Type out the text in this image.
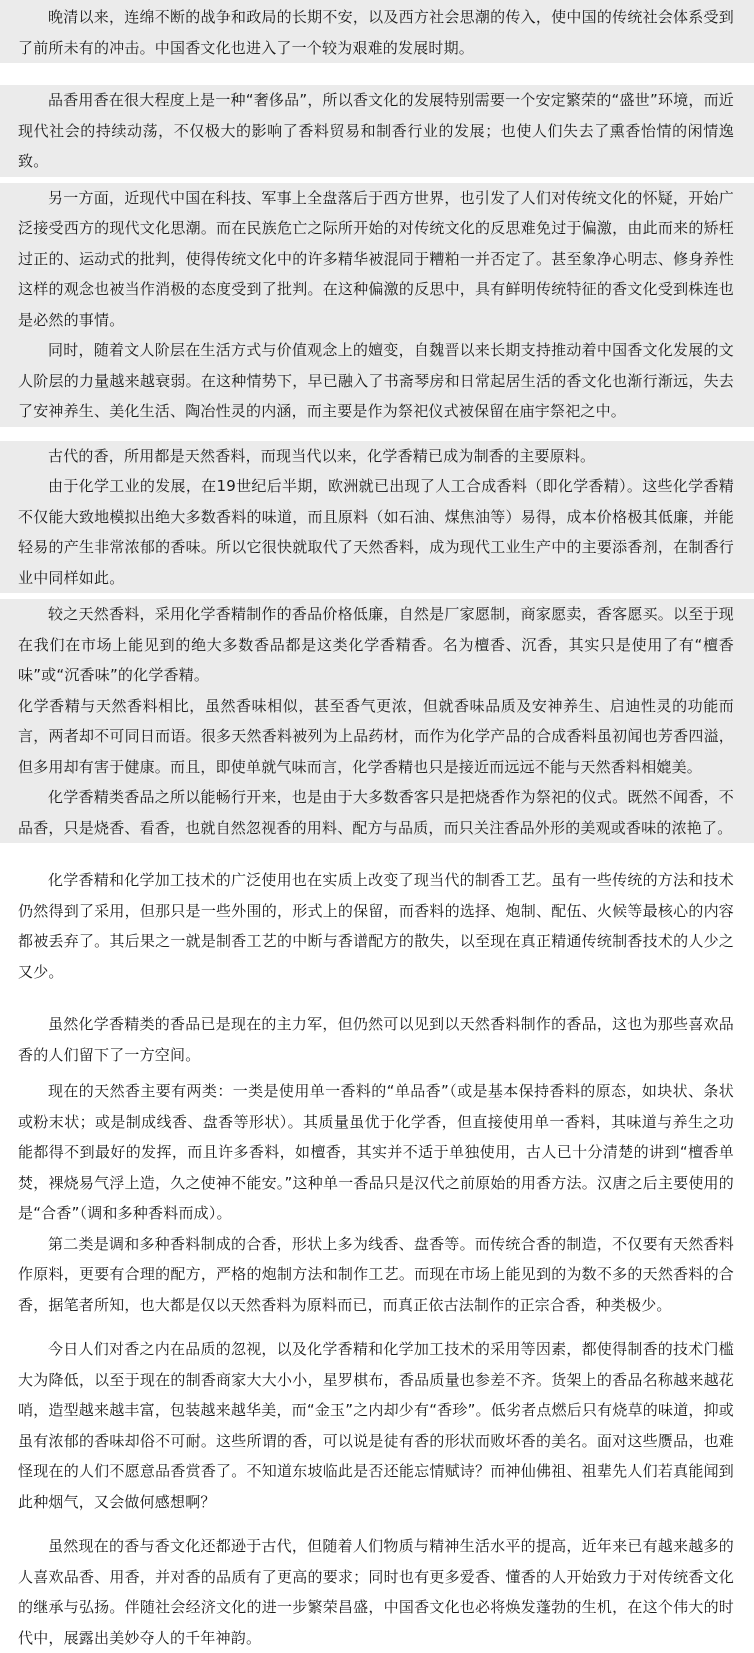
晚清以来，连绵不断的战争和政局的长期不安，以及西方社会思潮的传入，使中国的传统社会体系受到了前所未有的冲击。中国香文化也进入了一个较为艰难的发展时期。

品香用香在很大程度上是一种“奢侈品”，所以香文化的发展特别需要一个安定繁荣的“盛世”环境，而近现代社会的持续动荡，不仅极大的影响了香料贸易和制香行业的发展；也使人们失去了熏香怡情的闲情逸致。

另一方面，近现代中国在科技、军事上全盘落后于西方世界，也引发了人们对传统文化的怀疑，开始广泛接受西方的现代文化思潮。而在民族危亡之际所开始的对传统文化的反思难免过于偏激，由此而来的矫枉过正的、运动式的批判，使得传统文化中的许多精华被混同于糟粕一并否定了。甚至象净心明志、修身养性这样的观念也被当作消极的态度受到了批判。在这种偏激的反思中，具有鲜明传统特征的香文化受到株连也是必然的事情。

同时，随着文人阶层在生活方式与价值观念上的嬗变，自魏晋以来长期支持推动着中国香文化发展的文人阶层的力量越来越衰弱。在这种情势下，早已融入了书斋琴房和日常起居生活的香文化也渐行渐远，失去了安神养生、美化生活、陶冶性灵的内涵，而主要是作为祭祀仪式被保留在庙宇祭祀之中。

古代的香，所用都是天然香料，而现当代以来，化学香精已成为制香的主要原料。

由于化学工业的发展，在19世纪后半期，欧洲就已出现了人工合成香料（即化学香精）。这些化学香精不仅能大致地模拟出绝大多数香料的味道，而且原料（如石油、煤焦油等）易得，成本价格极其低廉，并能轻易的产生非常浓郁的香味。所以它很快就取代了天然香料，成为现代工业生产中的主要添香剂，在制香行业中同样如此。

较之天然香料，采用化学香精制作的香品价格低廉，自然是厂家愿制，商家愿卖，香客愿买。以至于现在我们在市场上能见到的绝大多数香品都是这类化学香精香。名为檀香、沉香，其实只是使用了有“檀香味”或“沉香味”的化学香精。

化学香精与天然香料相比，虽然香味相似，甚至香气更浓，但就香味品质及安神养生、启迪性灵的功能而言，两者却不可同日而语。很多天然香料被列为上品药材，而作为化学产品的合成香料虽初闻也芳香四溢，但多用却有害于健康。而且，即使单就气味而言，化学香精也只是接近而远远不能与天然香料相媲美。

化学香精类香品之所以能畅行开来，也是由于大多数香客只是把烧香作为祭祀的仪式。既然不闻香，不品香，只是烧香、看香，也就自然忽视香的用料、配方与品质，而只关注香品外形的美观或香味的浓艳了。

化学香精和化学加工技术的广泛使用也在实质上改变了现当代的制香工艺。虽有一些传统的方法和技术仍然得到了采用，但那只是一些外围的，形式上的保留，而香料的选择、炮制、配伍、火候等最核心的内容都被丢弃了。其后果之一就是制香工艺的中断与香谱配方的散失，以至现在真正精通传统制香技术的人少之又少。

虽然化学香精类的香品已是现在的主力军，但仍然可以见到以天然香料制作的香品，这也为那些喜欢品香的人们留下了一方空间。

现在的天然香主要有两类：一类是使用单一香料的“单品香”（或是基本保持香料的原态，如块状、条状或粉末状；或是制成线香、盘香等形状）。其质量虽优于化学香，但直接使用单一香料，其味道与养生之功能都得不到最好的发挥，而且许多香料，如檀香，其实并不适于单独使用，古人已十分清楚的讲到“檀香单焚，裸烧易气浮上造，久之使神不能安。”这种单一香品只是汉代之前原始的用香方法。汉唐之后主要使用的是“合香”（调和多种香料而成）。

第二类是调和多种香料制成的合香，形状上多为线香、盘香等。而传统合香的制造，不仅要有天然香料作原料，更要有合理的配方，严格的炮制方法和制作工艺。而现在市场上能见到的为数不多的天然香料的合香，据笔者所知，也大都是仅以天然香料为原料而已，而真正依古法制作的正宗合香，种类极少。

今日人们对香之内在品质的忽视，以及化学香精和化学加工技术的采用等因素，都使得制香的技术门槛大为降低，以至于现在的制香商家大大小小，星罗棋布，香品质量也参差不齐。货架上的香品名称越来越花哨，造型越来越丰富，包装越来越华美，而“金玉”之内却少有“香珍”。低劣者点燃后只有烧草的味道，抑或虽有浓郁的香味却俗不可耐。这些所谓的香，可以说是徒有香的形状而败坏香的美名。面对这些赝品，也难怪现在的人们不愿意品香赏香了。不知道东坡临此是否还能忘情赋诗？而神仙佛祖、祖辈先人们若真能闻到此种烟气，又会做何感想啊？

虽然现在的香与香文化还都逊于古代，但随着人们物质与精神生活水平的提高，近年来已有越来越多的人喜欢品香、用香，并对香的品质有了更高的要求；同时也有更多爱香、懂香的人开始致力于对传统香文化的继承与弘扬。伴随社会经济文化的进一步繁荣昌盛，中国香文化也必将焕发蓬勃的生机，在这个伟大的时代中，展露出美妙夺人的千年神韵。
